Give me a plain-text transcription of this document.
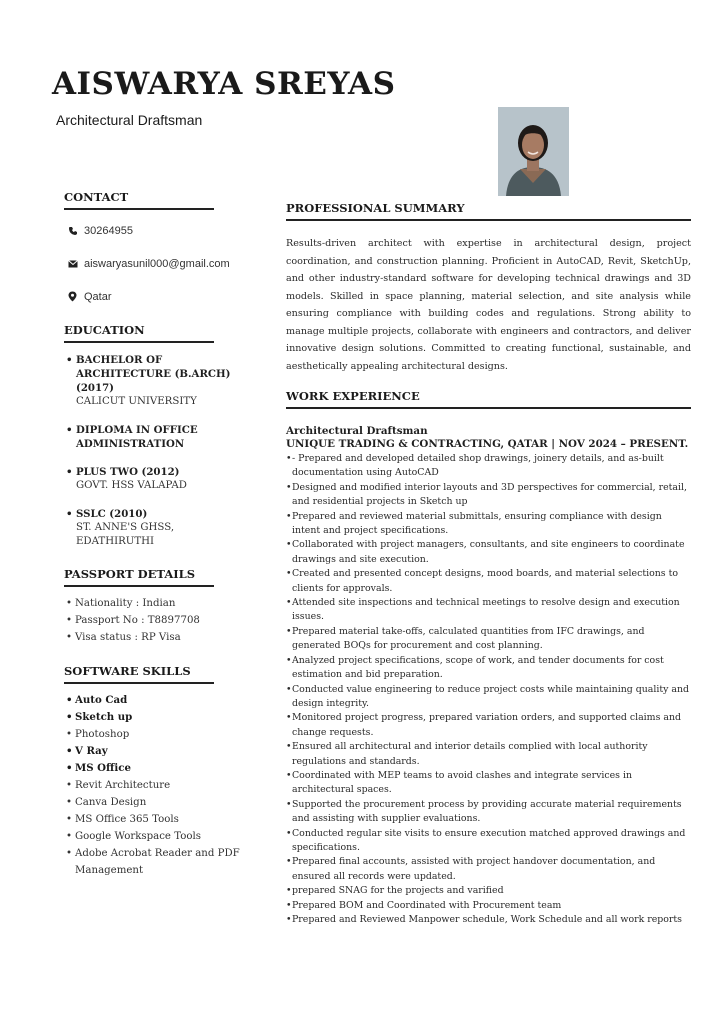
AISWARYA SREYAS
Architectural Draftsman
CONTACT
30264955
aiswaryasunil000@gmail.com
Qatar
EDUCATION
• BACHELOR OF ARCHITECTURE (B.ARCH) (2017)
CALICUT UNIVERSITY
• DIPLOMA IN OFFICE ADMINISTRATION
• PLUS TWO (2012)
GOVT. HSS VALAPAD
• SSLC (2010)
ST. ANNE'S GHSS, EDATHIRUTHI
PASSPORT DETAILS
• Nationality : Indian
• Passport No : T8897708
• Visa status : RP Visa
SOFTWARE SKILLS
• Auto Cad
• Sketch up
• Photoshop
• V Ray
• MS Office
• Revit Architecture
• Canva Design
• MS Office 365 Tools
• Google Workspace Tools
• Adobe Acrobat Reader and PDF Management
PROFESSIONAL SUMMARY

Results-driven architect with expertise in architectural design, project coordination, and construction planning. Proficient in AutoCAD, Revit, SketchUp, and other industry-standard software for developing technical drawings and 3D models. Skilled in space planning, material selection, and site analysis while ensuring compliance with building codes and regulations. Strong ability to manage multiple projects, collaborate with engineers and contractors, and deliver innovative design solutions. Committed to creating functional, sustainable, and aesthetically appealing architectural designs.

WORK EXPERIENCE
Architectural Draftsman
UNIQUE TRADING & CONTRACTING, QATAR | NOV 2024 – PRESENT.
• - Prepared and developed detailed shop drawings, joinery details, and as-built documentation using AutoCAD
• Designed and modified interior layouts and 3D perspectives for commercial, retail, and residential projects in Sketch up
• Prepared and reviewed material submittals, ensuring compliance with design intent and project specifications.
• Collaborated with project managers, consultants, and site engineers to coordinate drawings and site execution.
• Created and presented concept designs, mood boards, and material selections to clients for approvals.
• Attended site inspections and technical meetings to resolve design and execution issues.
• Prepared material take-offs, calculated quantities from IFC drawings, and generated BOQs for procurement and cost planning.
• Analyzed project specifications, scope of work, and tender documents for cost estimation and bid preparation.
• Conducted value engineering to reduce project costs while maintaining quality and design integrity.
• Monitored project progress, prepared variation orders, and supported claims and change requests.
• Ensured all architectural and interior details complied with local authority regulations and standards.
• Coordinated with MEP teams to avoid clashes and integrate services in architectural spaces.
• Supported the procurement process by providing accurate material requirements and assisting with supplier evaluations.
• Conducted regular site visits to ensure execution matched approved drawings and specifications.
• Prepared final accounts, assisted with project handover documentation, and ensured all records were updated.
• prepared SNAG for the projects and varified
• Prepared BOM and Coordinated with Procurement team
• Prepared and Reviewed Manpower schedule, Work Schedule and all work reports
